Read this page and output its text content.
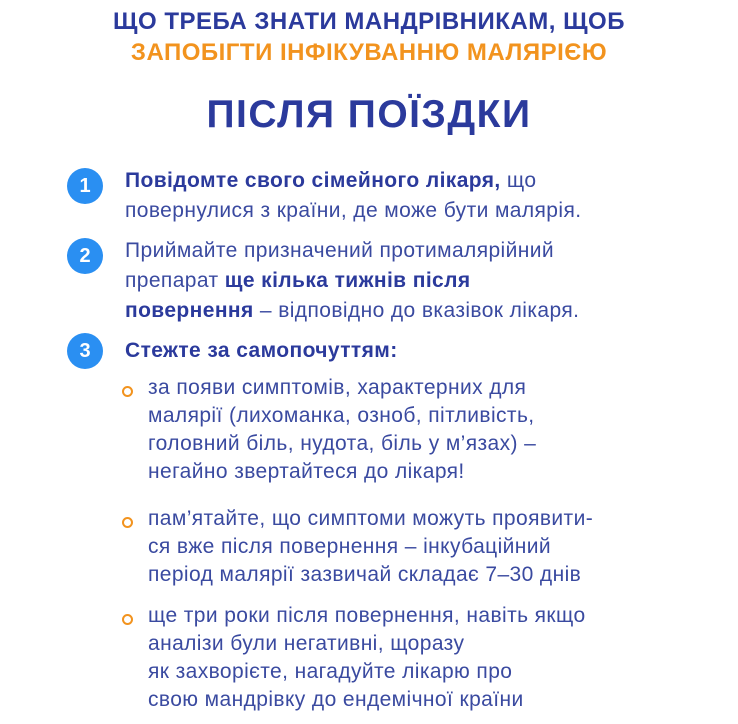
ЩО ТРЕБА ЗНАТИ МАНДРІВНИКАМ, ЩОБ
ЗАПОБІГТИ ІНФІКУВАННЮ МАЛЯРІЄЮ
ПІСЛЯ ПОЇЗДКИ
1	Повідомте свого сімейного лікаря, що
повернулися з країни, де може бути малярія.
2	Приймайте призначений протималярійний
препарат ще кілька тижнів після
повернення – відповідно до вказівок лікаря.
3	Стежте за самопочуттям:
за появи симптомів, характерних для
малярії (лихоманка, озноб, пітливість,
головний біль, нудота, біль у м’язах) –
негайно звертайтеся до лікаря!
пам’ятайте, що симптоми можуть проявити-
ся вже після повернення – інкубаційний
період малярії зазвичай складає 7–30 днів
ще три роки після повернення, навіть якщо
аналізи були негативні, щоразу
як захворієте, нагадуйте лікарю про
свою мандрівку до ендемічної країни
